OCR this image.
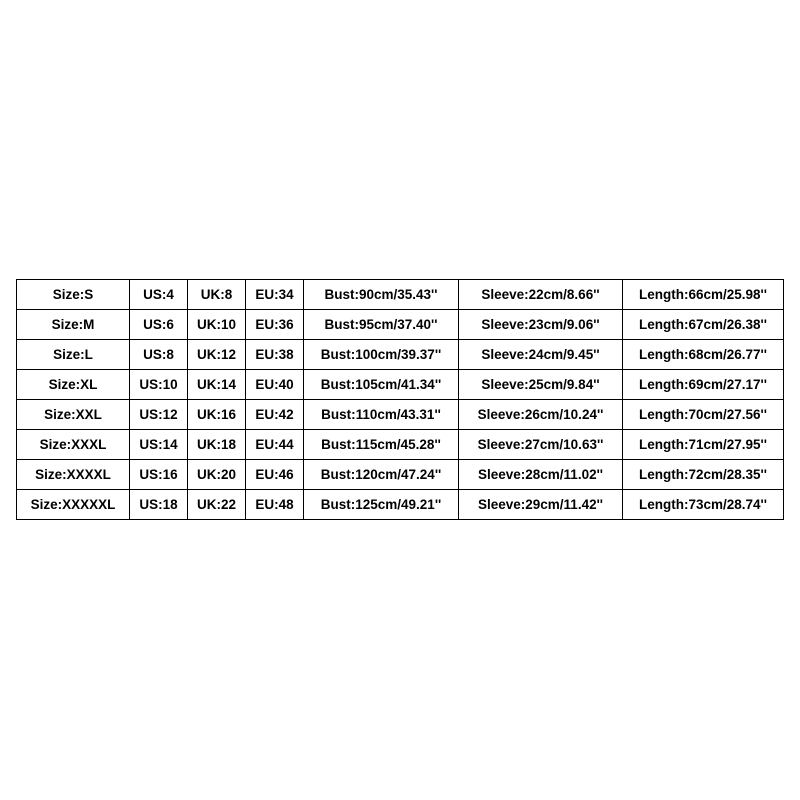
Size:S	US:4	UK:8	EU:34	Bust:90cm/35.43''	Sleeve:22cm/8.66''	Length:66cm/25.98''
Size:M	US:6	UK:10	EU:36	Bust:95cm/37.40''	Sleeve:23cm/9.06''	Length:67cm/26.38''
Size:L	US:8	UK:12	EU:38	Bust:100cm/39.37''	Sleeve:24cm/9.45''	Length:68cm/26.77''
Size:XL	US:10	UK:14	EU:40	Bust:105cm/41.34''	Sleeve:25cm/9.84''	Length:69cm/27.17''
Size:XXL	US:12	UK:16	EU:42	Bust:110cm/43.31''	Sleeve:26cm/10.24''	Length:70cm/27.56''
Size:XXXL	US:14	UK:18	EU:44	Bust:115cm/45.28''	Sleeve:27cm/10.63''	Length:71cm/27.95''
Size:XXXXL	US:16	UK:20	EU:46	Bust:120cm/47.24''	Sleeve:28cm/11.02''	Length:72cm/28.35''
Size:XXXXXL	US:18	UK:22	EU:48	Bust:125cm/49.21''	Sleeve:29cm/11.42''	Length:73cm/28.74''
